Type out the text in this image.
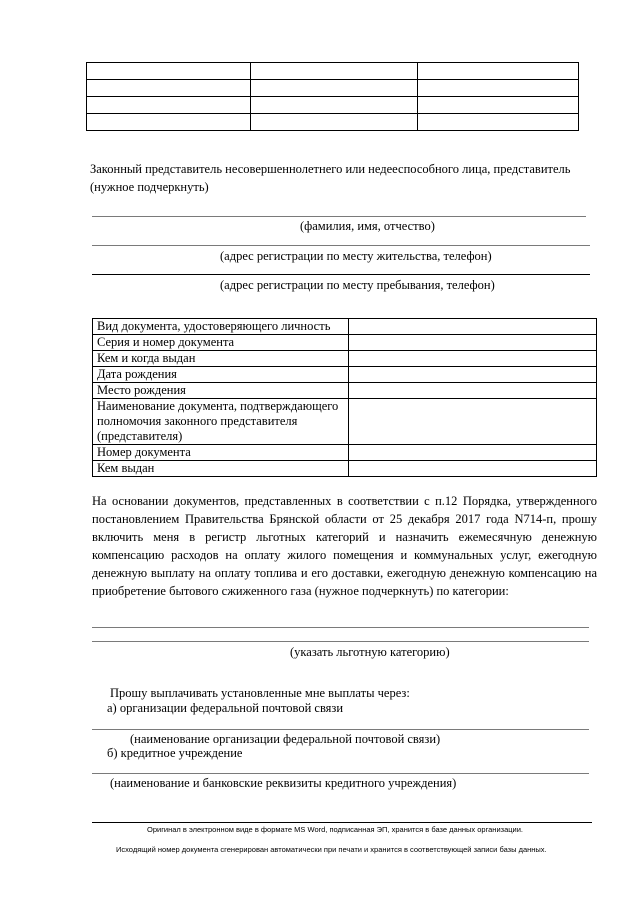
Законный представитель несовершеннолетнего или недееспособного лица, представитель
(нужное подчеркнуть)
(фамилия, имя, отчество)
(адрес регистрации по месту жительства, телефон)
(адрес регистрации по месту пребывания, телефон)
Вид документа, удостоверяющего личность	
Серия и номер документа	
Кем и когда выдан	
Дата рождения	
Место рождения	
Наименование документа, подтверждающего полномочия законного представителя (представителя)	
Номер документа	
Кем выдан	
На основании документов, представленных в соответствии с п.12 Порядка, утвержденного постановлением Правительства Брянской области от 25 декабря 2017 года N714-п, прошу включить меня в регистр льготных категорий и назначить ежемесячную денежную компенсацию расходов на оплату жилого помещения и коммунальных услуг, ежегодную денежную выплату на оплату топлива и его доставки, ежегодную денежную компенсацию на приобретение бытового сжиженного газа (нужное подчеркнуть) по категории:
(указать льготную категорию)
Прошу выплачивать установленные мне выплаты через:
а) организации федеральной почтовой связи
(наименование организации федеральной почтовой связи)
б) кредитное учреждение
(наименование и банковские реквизиты кредитного учреждения)
Оригинал в электронном виде в формате MS Word, подписанная ЭП, хранится в базе данных организации.
Исходящий номер документа сгенерирован автоматически при печати и хранится в соответствующей записи базы данных.
